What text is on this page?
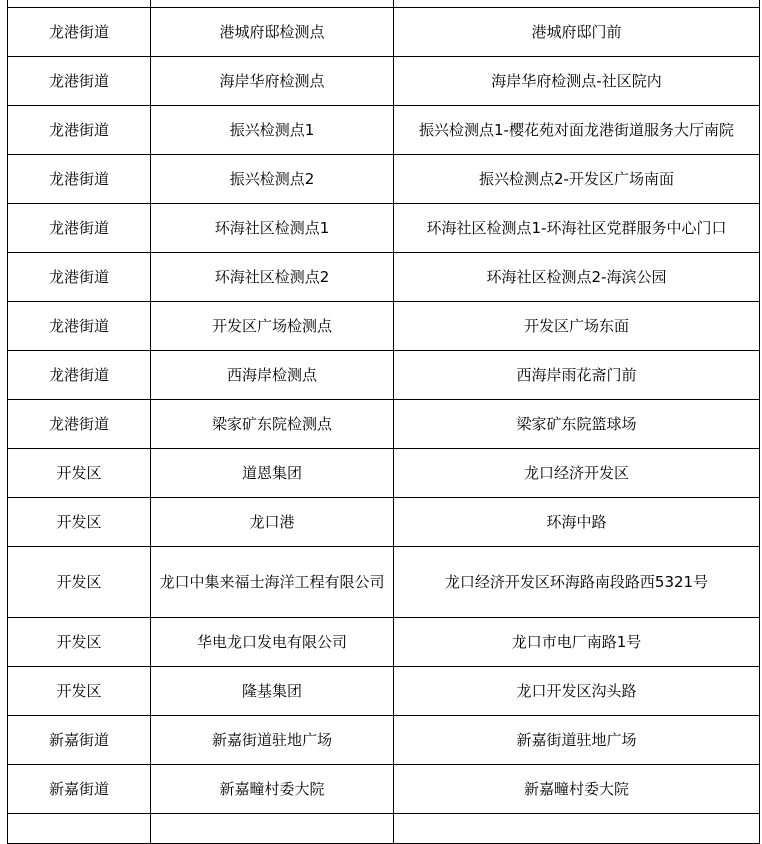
龙港街道	港城府邸检测点	港城府邸门前
龙港街道	海岸华府检测点	海岸华府检测点-社区院内
龙港街道	振兴检测点1	振兴检测点1-樱花苑对面龙港街道服务大厅南院
龙港街道	振兴检测点2	振兴检测点2-开发区广场南面
龙港街道	环海社区检测点1	环海社区检测点1-环海社区党群服务中心门口
龙港街道	环海社区检测点2	环海社区检测点2-海滨公园
龙港街道	开发区广场检测点	开发区广场东面
龙港街道	西海岸检测点	西海岸雨花斋门前
龙港街道	梁家矿东院检测点	梁家矿东院篮球场
开发区	道恩集团	龙口经济开发区
开发区	龙口港	环海中路
开发区	龙口中集来福士海洋工程有限公司	龙口经济开发区环海路南段路西5321号
开发区	华电龙口发电有限公司	龙口市电厂南路1号
开发区	隆基集团	龙口开发区沟头路
新嘉街道	新嘉街道驻地广场	新嘉街道驻地广场
新嘉街道	新嘉疃村委大院	新嘉疃村委大院
